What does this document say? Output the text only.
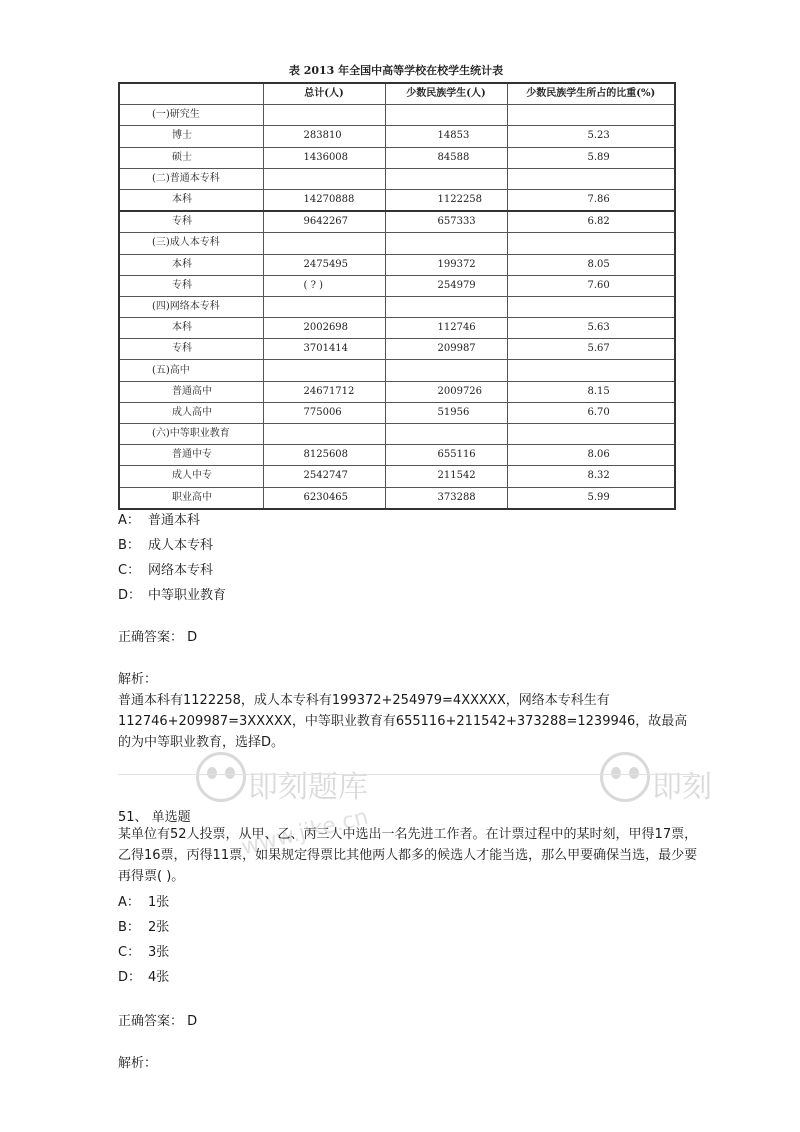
即刻题库
www.jike.cn
即刻
表 2013 年全国中高等学校在校学生统计表
	总计(人)	少数民族学生(人)	少数民族学生所占的比重(%)
(一)研究生			
博士	283810	14853	5.23
硕士	1436008	84588	5.89
(二)普通本专科			
本科	14270888	1122258	7.86
专科	9642267	657333	6.82
(三)成人本专科			
本科	2475495	199372	8.05
专科	( ? )	254979	7.60
(四)网络本专科			
本科	2002698	112746	5.63
专科	3701414	209987	5.67
(五)高中			
普通高中	24671712	2009726	8.15
成人高中	775006	51956	6.70
(六)中等职业教育			
普通中专	8125608	655116	8.06
成人中专	2542747	211542	8.32
职业高中	6230465	373288	5.99
A： 普通本科
B： 成人本专科
C： 网络本专科
D： 中等职业教育
正确答案： D
解析：
普通本科有1122258，成人本专科有199372+254979=4XXXXX，网络本专科生有112746+209987=3XXXXX，中等职业教育有655116+211542+373288=1239946，故最高的为中等职业教育，选择D。
51、 单选题
某单位有52人投票，从甲、乙、丙三人中选出一名先进工作者。在计票过程中的某时刻，甲得17票，乙得16票，丙得11票，如果规定得票比其他两人都多的候选人才能当选，那么甲要确保当选，最少要再得票( )。
A： 1张
B： 2张
C： 3张
D： 4张
正确答案： D
解析：
